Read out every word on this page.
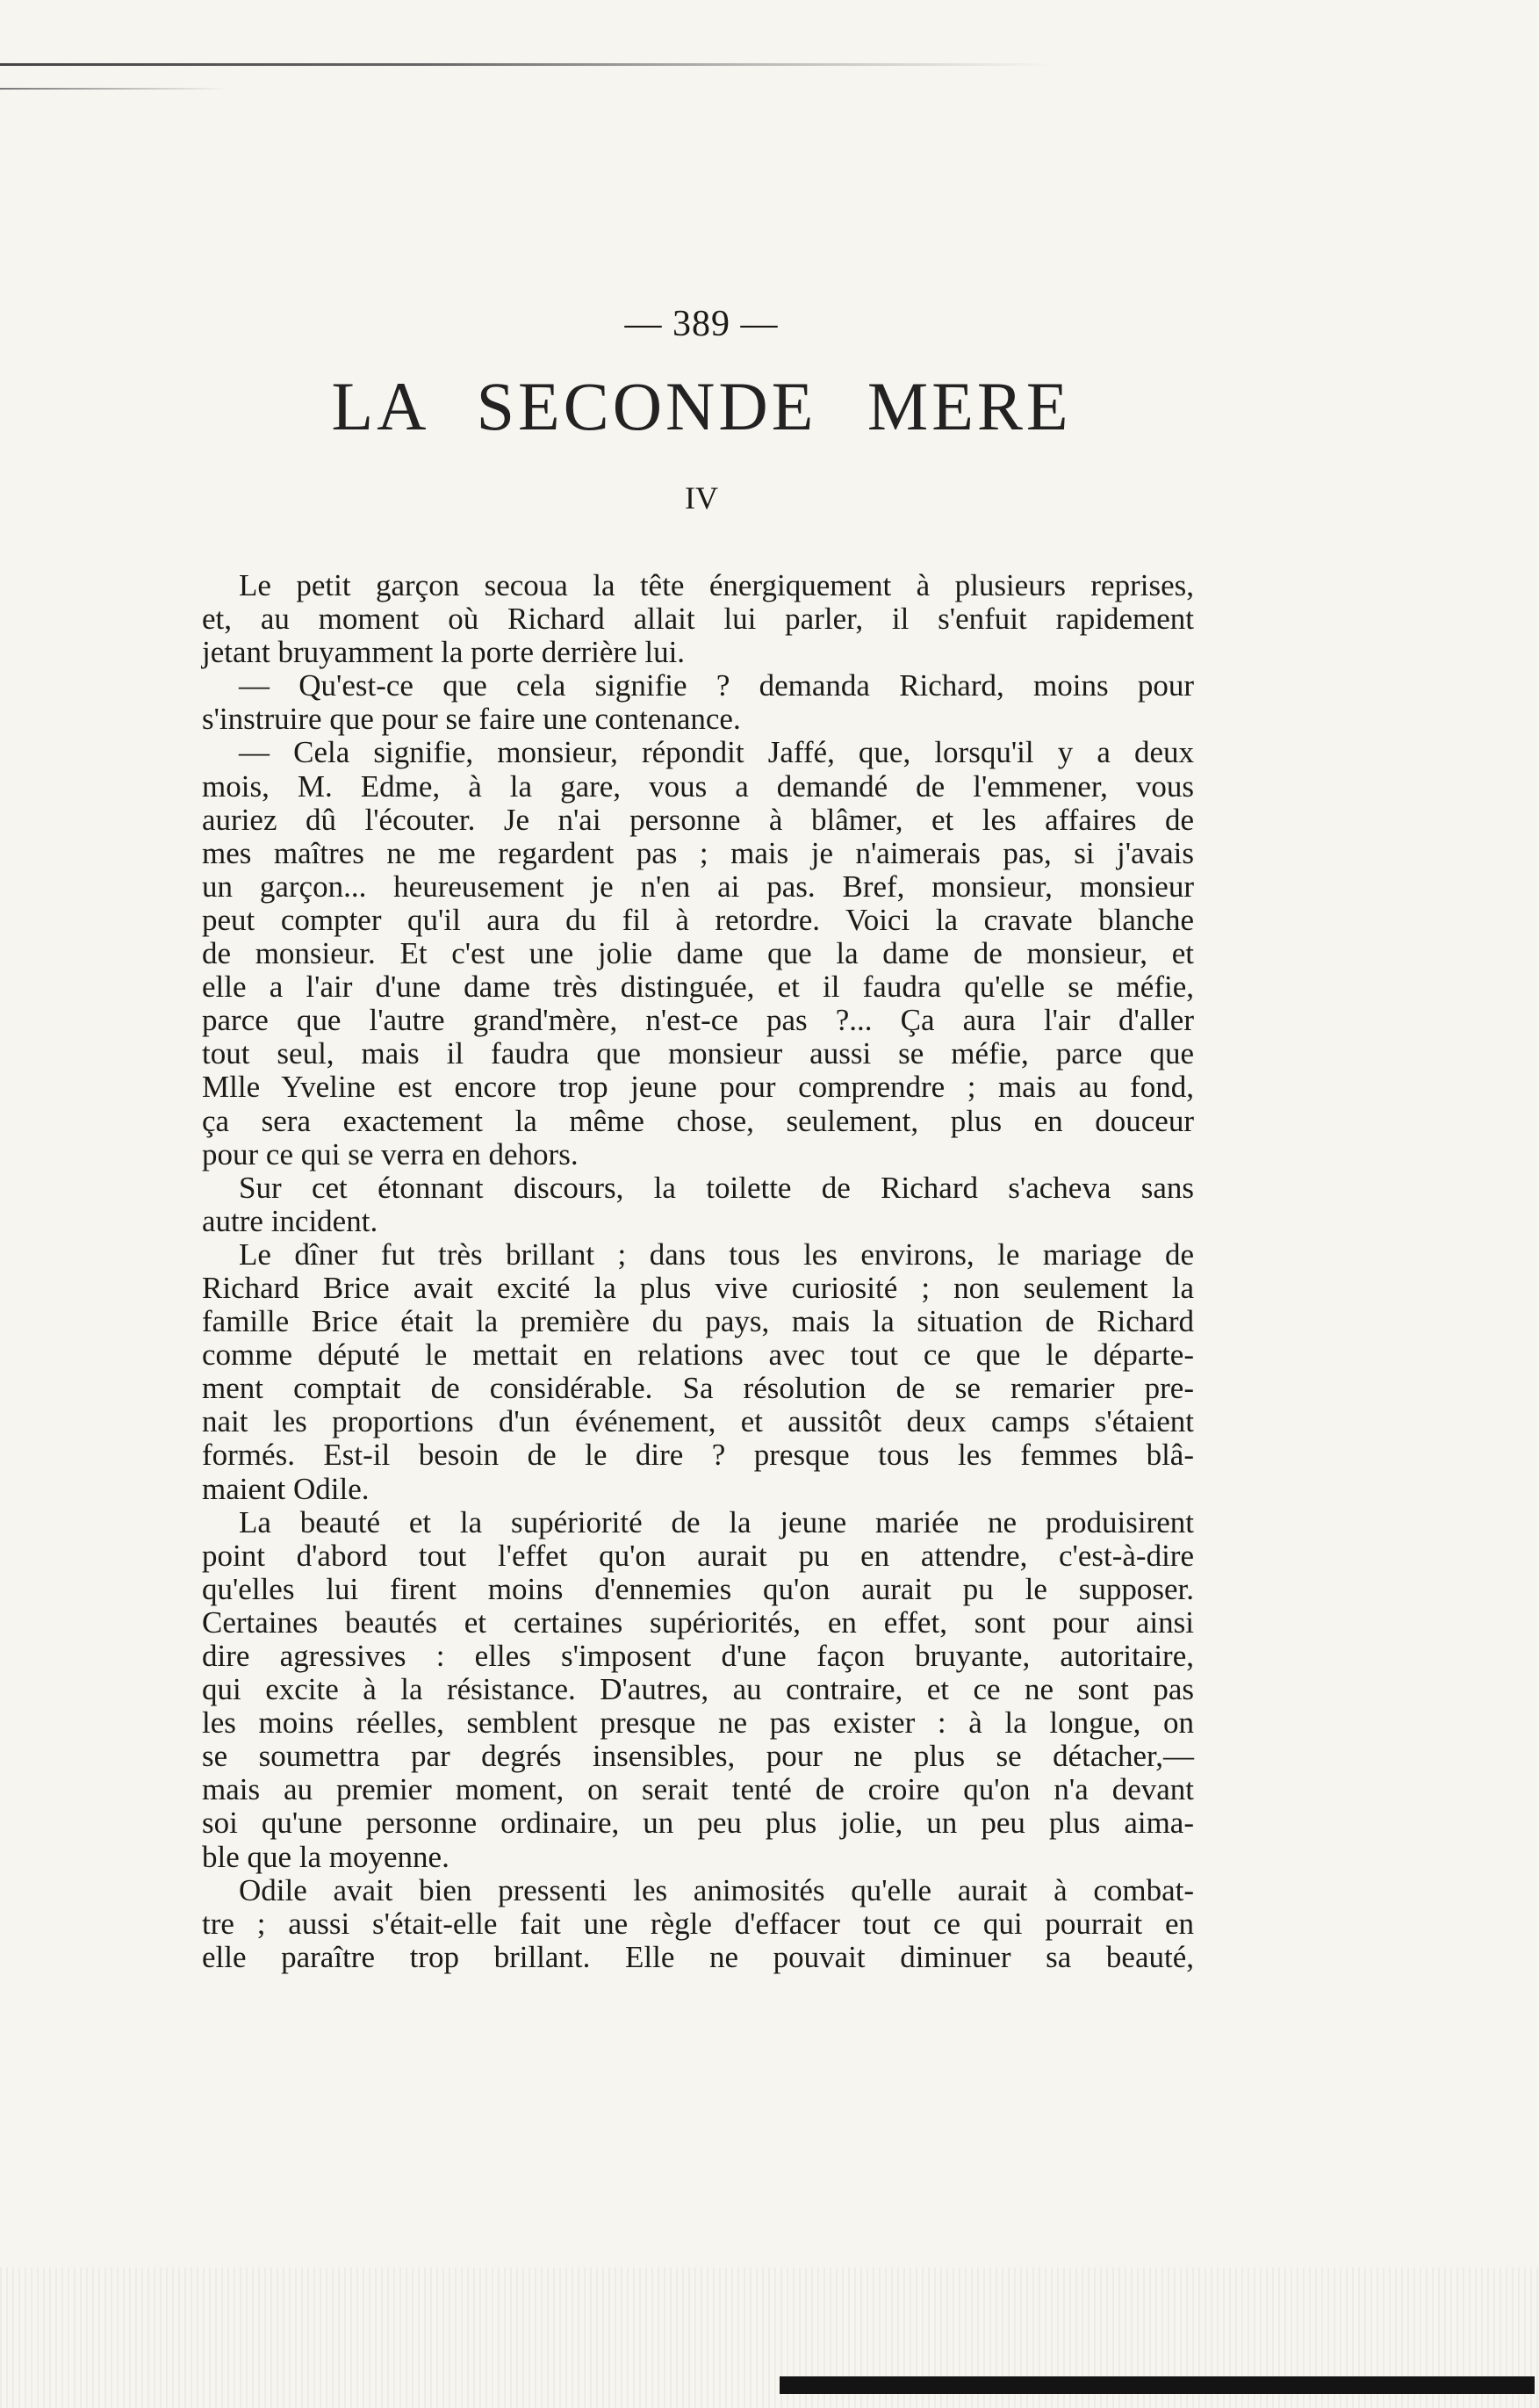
— 389 —
LA SECONDE MERE
IV
Le petit garçon secoua la tête énergiquement à plusieurs reprises,
et, au moment où Richard allait lui parler, il s'enfuit rapidement
jetant bruyamment la porte derrière lui.
— Qu'est-ce que cela signifie ? demanda Richard, moins pour
s'instruire que pour se faire une contenance.
— Cela signifie, monsieur, répondit Jaffé, que, lorsqu'il y a deux
mois, M. Edme, à la gare, vous a demandé de l'emmener, vous
auriez dû l'écouter. Je n'ai personne à blâmer, et les affaires de
mes maîtres ne me regardent pas ; mais je n'aimerais pas, si j'avais
un garçon... heureusement je n'en ai pas. Bref, monsieur, monsieur
peut compter qu'il aura du fil à retordre. Voici la cravate blanche
de monsieur. Et c'est une jolie dame que la dame de monsieur, et
elle a l'air d'une dame très distinguée, et il faudra qu'elle se méfie,
parce que l'autre grand'mère, n'est-ce pas ?... Ça aura l'air d'aller
tout seul, mais il faudra que monsieur aussi se méfie, parce que
Mlle Yveline est encore trop jeune pour comprendre ; mais au fond,
ça sera exactement la même chose, seulement, plus en douceur
pour ce qui se verra en dehors.
Sur cet étonnant discours, la toilette de Richard s'acheva sans
autre incident.
Le dîner fut très brillant ; dans tous les environs, le mariage de
Richard Brice avait excité la plus vive curiosité ; non seulement la
famille Brice était la première du pays, mais la situation de Richard
comme député le mettait en relations avec tout ce que le départe-
ment comptait de considérable. Sa résolution de se remarier pre-
nait les proportions d'un événement, et aussitôt deux camps s'étaient
formés. Est-il besoin de le dire ? presque tous les femmes blâ-
maient Odile.
La beauté et la supériorité de la jeune mariée ne produisirent
point d'abord tout l'effet qu'on aurait pu en attendre, c'est-à-dire
qu'elles lui firent moins d'ennemies qu'on aurait pu le supposer.
Certaines beautés et certaines supériorités, en effet, sont pour ainsi
dire agressives : elles s'imposent d'une façon bruyante, autoritaire,
qui excite à la résistance. D'autres, au contraire, et ce ne sont pas
les moins réelles, semblent presque ne pas exister : à la longue, on
se soumettra par degrés insensibles, pour ne plus se détacher,—
mais au premier moment, on serait tenté de croire qu'on n'a devant
soi qu'une personne ordinaire, un peu plus jolie, un peu plus aima-
ble que la moyenne.
Odile avait bien pressenti les animosités qu'elle aurait à combat-
tre ; aussi s'était-elle fait une règle d'effacer tout ce qui pourrait en
elle paraître trop brillant. Elle ne pouvait diminuer sa beauté,
